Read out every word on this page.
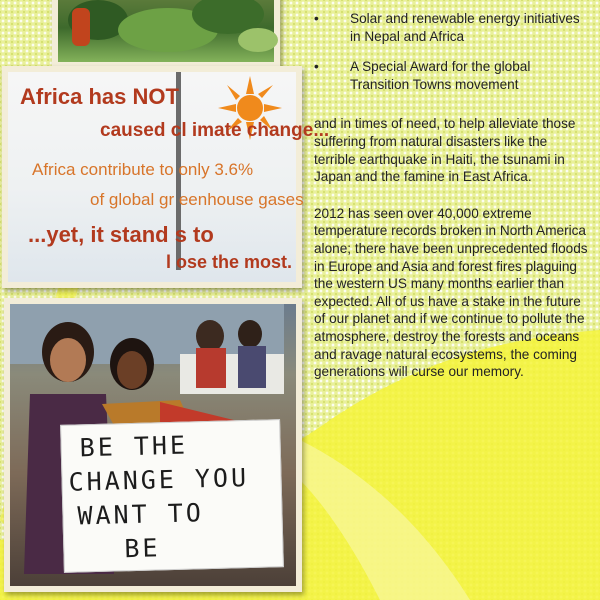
Africa has NOT
caused cl imate change...
Africa contribute to only 3.6%
of global gr eenhouse gases
...yet, it stand s to
l ose the most.
BE THE
CHANGE YOU
WANT TO
BE
• Solar and renewable energy initiatives in Nepal and Africa
• A Special Award for the global Transition Towns movement

and in times of need, to help alleviate those suffering from natural disasters like the terrible earthquake in Haiti, the tsunami in Japan and the famine in East Africa.

2012 has seen over 40,000 extreme temperature records broken in North America alone; there have been unprecedented floods in Europe and Asia and forest fires plaguing the western US many months earlier than expected. All of us have a stake in the future of our planet and if we continue to pollute the atmosphere, destroy the forests and oceans and ravage natural ecosystems, the coming generations will curse our memory.
